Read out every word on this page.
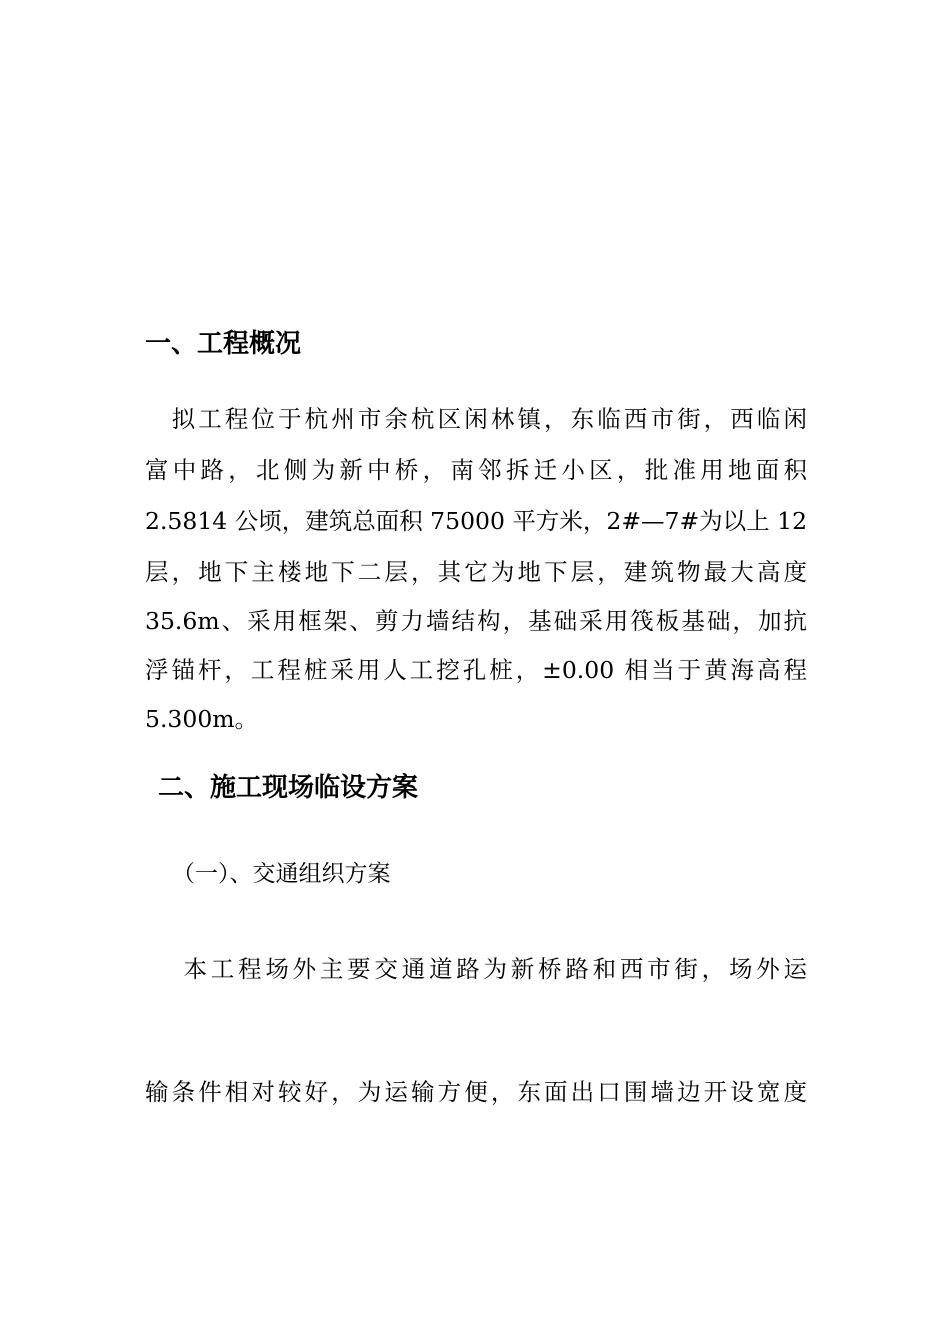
一、工程概况
　拟工程位于杭州市余杭区闲林镇，东临西市街，西临闲
富中路，北侧为新中桥，南邻拆迁小区，批准用地面积
2.5814 公顷，建筑总面积 75000 平方米，2#—7#为以上 12
层，地下主楼地下二层，其它为地下层，建筑物最大高度
35.6m、采用框架、剪力墙结构，基础采用筏板基础，加抗
浮锚杆，工程桩采用人工挖孔桩，±0.00 相当于黄海高程
5.300m。
二、施工现场临设方案
（一）、交通组织方案
　 本工程场外主要交通道路为新桥路和西市街，场外运
输条件相对较好，为运输方便，东面出口围墙边开设宽度
